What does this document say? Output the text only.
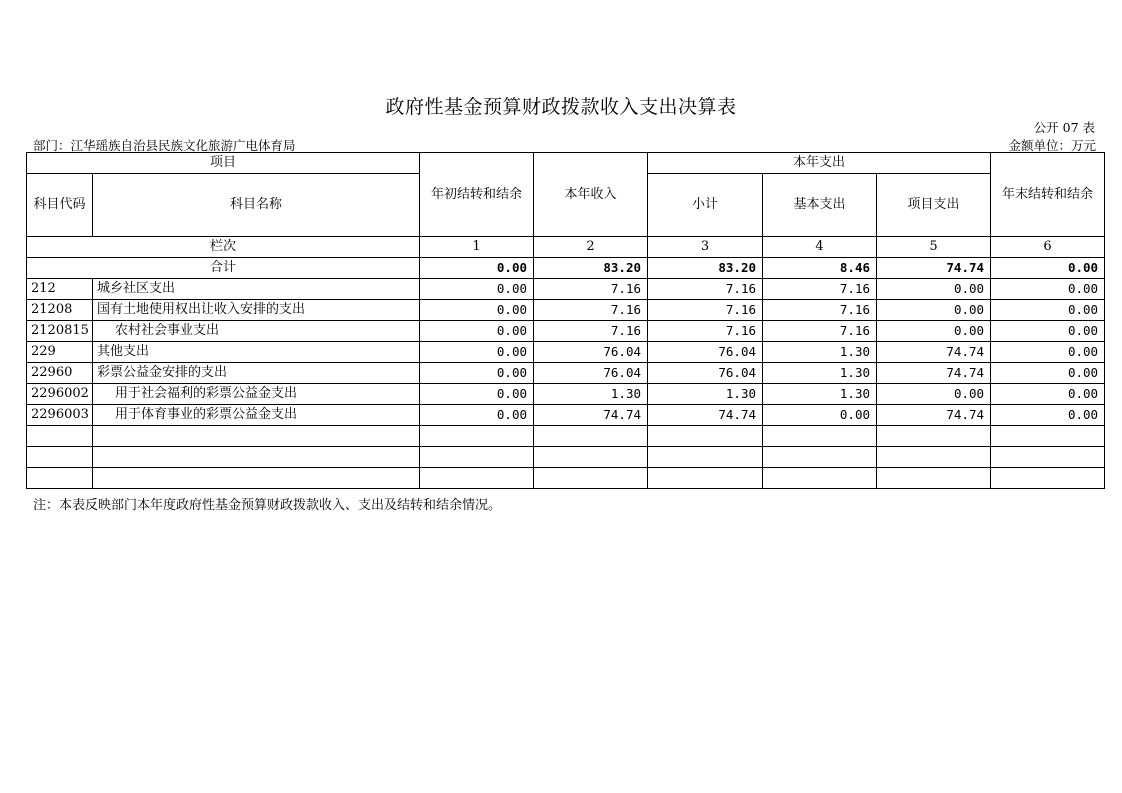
政府性基金预算财政拨款收入支出决算表
公开 07 表
部门：江华瑶族自治县民族文化旅游广电体育局	金额单位：万元
项目		年初结转和结余	本年收入	本年支出			年末结转和结余
科目代码	科目名称			小计	基本支出	项目支出	
栏次		1	2	3	4	5	6
合计		0.00	83.20	83.20	8.46	74.74	0.00
212	城乡社区支出	0.00	7.16	7.16	7.16	0.00	0.00
21208	国有土地使用权出让收入安排的支出	0.00	7.16	7.16	7.16	0.00	0.00
2120815	农村社会事业支出	0.00	7.16	7.16	7.16	0.00	0.00
229	其他支出	0.00	76.04	76.04	1.30	74.74	0.00
22960	彩票公益金安排的支出	0.00	76.04	76.04	1.30	74.74	0.00
2296002	用于社会福利的彩票公益金支出	0.00	1.30	1.30	1.30	0.00	0.00
2296003	用于体育事业的彩票公益金支出	0.00	74.74	74.74	0.00	74.74	0.00

注：本表反映部门本年度政府性基金预算财政拨款收入、支出及结转和结余情况。
